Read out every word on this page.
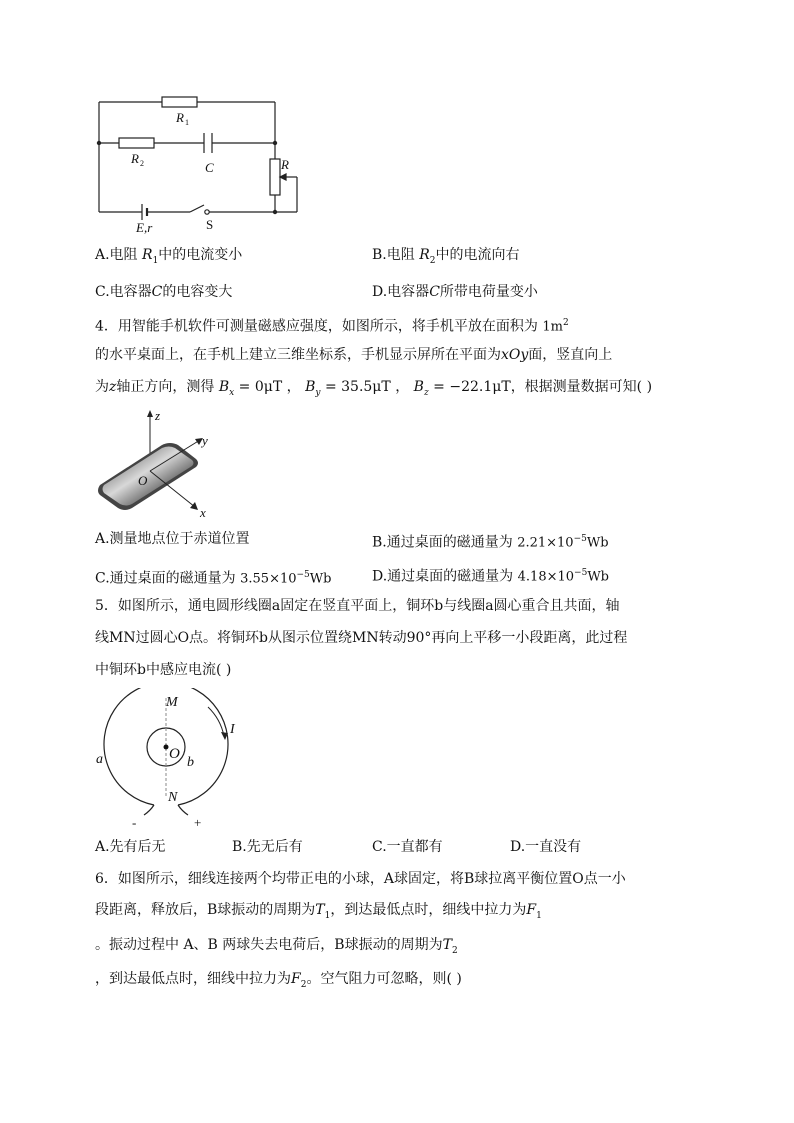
R 1
R 2	C	R
E,r	S
A.电阻 $R_1$中的电流变小	B.电阻 $R_2$中的电流向右
C.电容器C的电容变大	D.电容器C所带电荷量变小
4．用智能手机软件可测量磁感应强度，如图所示，将手机平放在面积为 $1m^2$
的水平桌面上，在手机上建立三维坐标系，手机显示屏所在平面为xOy面，竖直向上
为z轴正方向，测得 $B_x = 0\mu T$ ， $B_y = 35.5\mu T$ ， $B_z = -22.1\mu T$，根据测量数据可知( )
z
y
x
O
A.测量地点位于赤道位置	B.通过桌面的磁通量为 $2.21\times 10^{-5}Wb$
C.通过桌面的磁通量为 $3.55\times 10^{-5}Wb$	D.通过桌面的磁通量为 $4.18\times 10^{-5}Wb$
5．如图所示，通电圆形线圈a固定在竖直平面上，铜环b与线圈a圆心重合且共面，轴
线MN过圆心O点。将铜环b从图示位置绕MN转动90°再向上平移一小段距离，此过程
中铜环b中感应电流( )
M
N
O
b
a
I
-	+
A.先有后无	B.先无后有	C.一直都有	D.一直没有
6．如图所示，细线连接两个均带正电的小球，A球固定，将B球拉离平衡位置O点一小
段距离，释放后，B球振动的周期为$T_1$，到达最低点时，细线中拉力为$F_1$
。振动过程中 A、B 两球失去电荷后，B球振动的周期为$T_2$
，到达最低点时，细线中拉力为$F_2$。空气阻力可忽略，则( )
